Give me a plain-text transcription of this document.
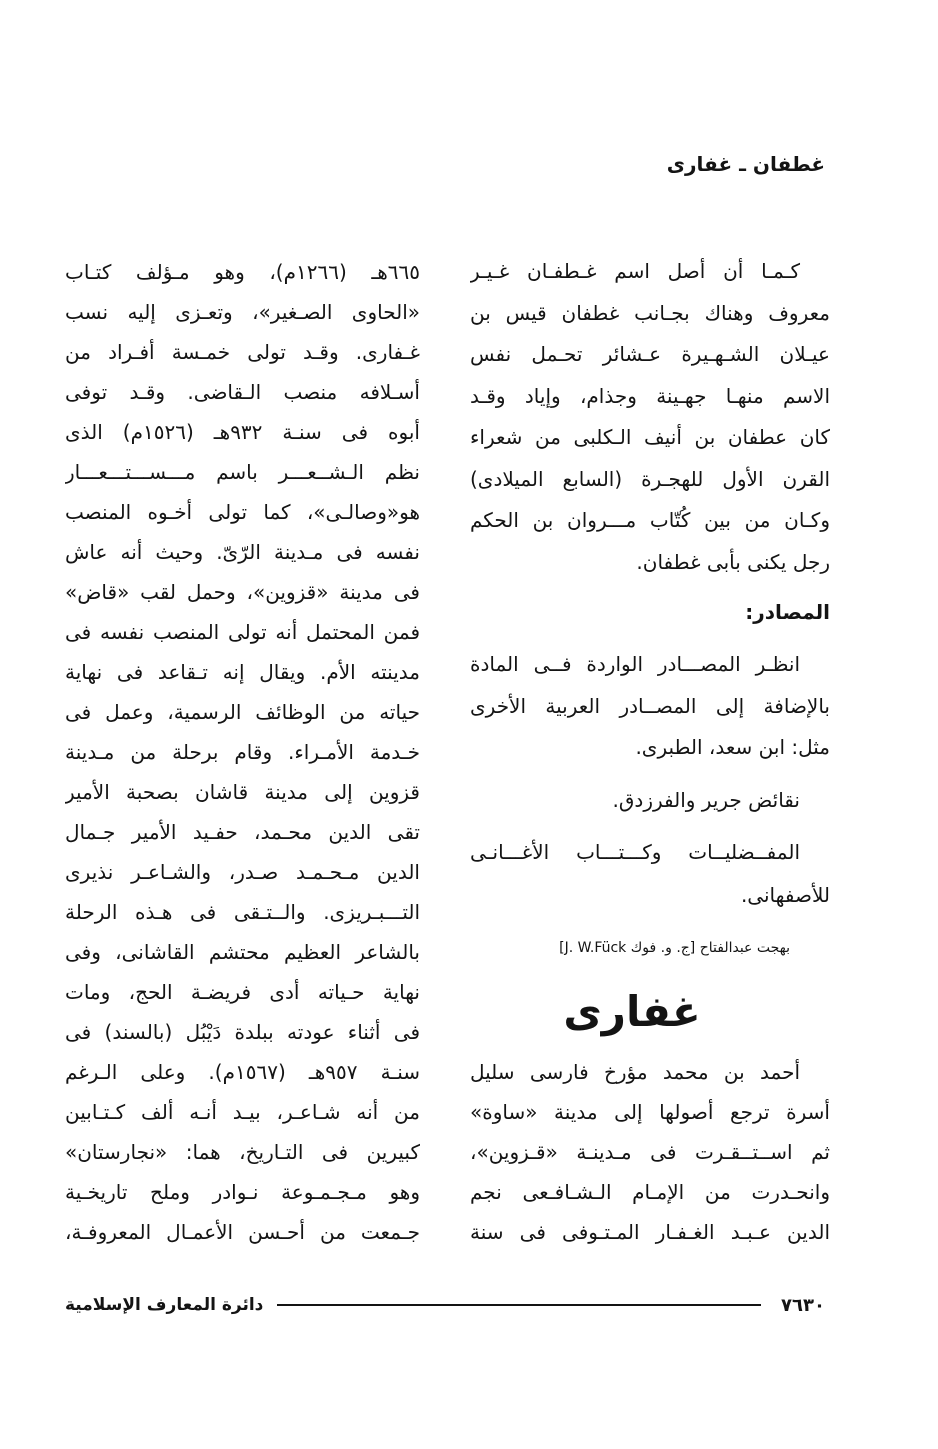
غطفان ـ غفارى
كـمـا أن أصل اسم غـطفـان غـيـر
معروف وهناك بجـانب غطفان قيس بن
عيـلان الشـهـيرة عـشائر تحـمل نفس
الاسم منهـا جهـينة وجذام، وإياد وقـد
كان عطفان بن أنيف الـكلبى من شعراء
القرن الأول للهجـرة (السابع الميلادى)
وكـان من بين كُتّاب مـــروان بن الحكم
رجل يكنى بأبى غطفان.
المصادر:
انظـر المصـــادر الواردة فــى المادة
بالإضافة إلى المصــادر العربية الأخرى
مثل: ابن سعد، الطبرى.
نقائض جرير والفرزدق.
المفــضليــات وكـــتـــاب الأغـــانـى
للأصفهانى.
بهجت عبدالفتاح [ج. و. فوك J. W.Fück]
غفارى
أحمد بن محمد مؤرخ فارسى سليل
أسرة ترجع أصولها إلى مدينة «ساوة»
ثم اســتــقـرت فى مـدينـة «قـزوين»،
وانحـدرت من الإمـام الـشـافـعى نجم
الدين عـبـد الغـفـار المـتـوفى فى سنة
٦٦٥هـ (١٢٦٦م)، وهو مـؤلف كتـاب
«الحاوى الصـغير»، وتعـزى إليه نسب
غـفارى. وقـد تولى خمـسة أفـراد من
أسـلافه منصب الـقاضى. وقـد توفى
أبوه فى سنـة ٩٣٢هـ (١٥٢٦م) الذى
نظم الـشــعـــر باسم مـــســـتـــعـــار
هو«وصالـى»، كما تولى أخـوه المنصب
نفسه فى مـدينة الرّىّ. وحيث أنه عاش
فى مدينة «قزوين»، وحمل لقب «قاض»
فمن المحتمل أنه تولى المنصب نفسه فى
مدينته الأم. ويقال إنه تـقاعد فى نهاية
حياته من الوظائف الرسمية، وعمل فى
خـدمة الأمـراء. وقام برحلة من مـدينة
قزوين إلى مدينة قاشان بصحبة الأمير
تقى الدين محـمد، حفـيد الأمير جـمال
الدين مـحـمـد صـدر، والشـاعـر نذيرى
التـــبـريزى. والــتـقى فى هـذه الرحلة
بالشاعر العظيم محتشم القاشانى، وفى
نهاية حـياته أدى فريضـة الحج، ومات
فى أثناء عودته ببلدة دَيْبُل (بالسند) فى
سنـة ٩٥٧هـ (١٥٦٧م). وعلى الـرغم
من أنه شـاعـر، بيـد أنـه ألف كـتـابين
كبيرين فى التـاريخ، هما: «نجارستان»
وهو مـجـمـوعة نـوادر وملح تاريخـية
جـمعت من أحـسن الأعمـال المعروفـة،
٧٦٣٠
دائرة المعارف الإسلامية
